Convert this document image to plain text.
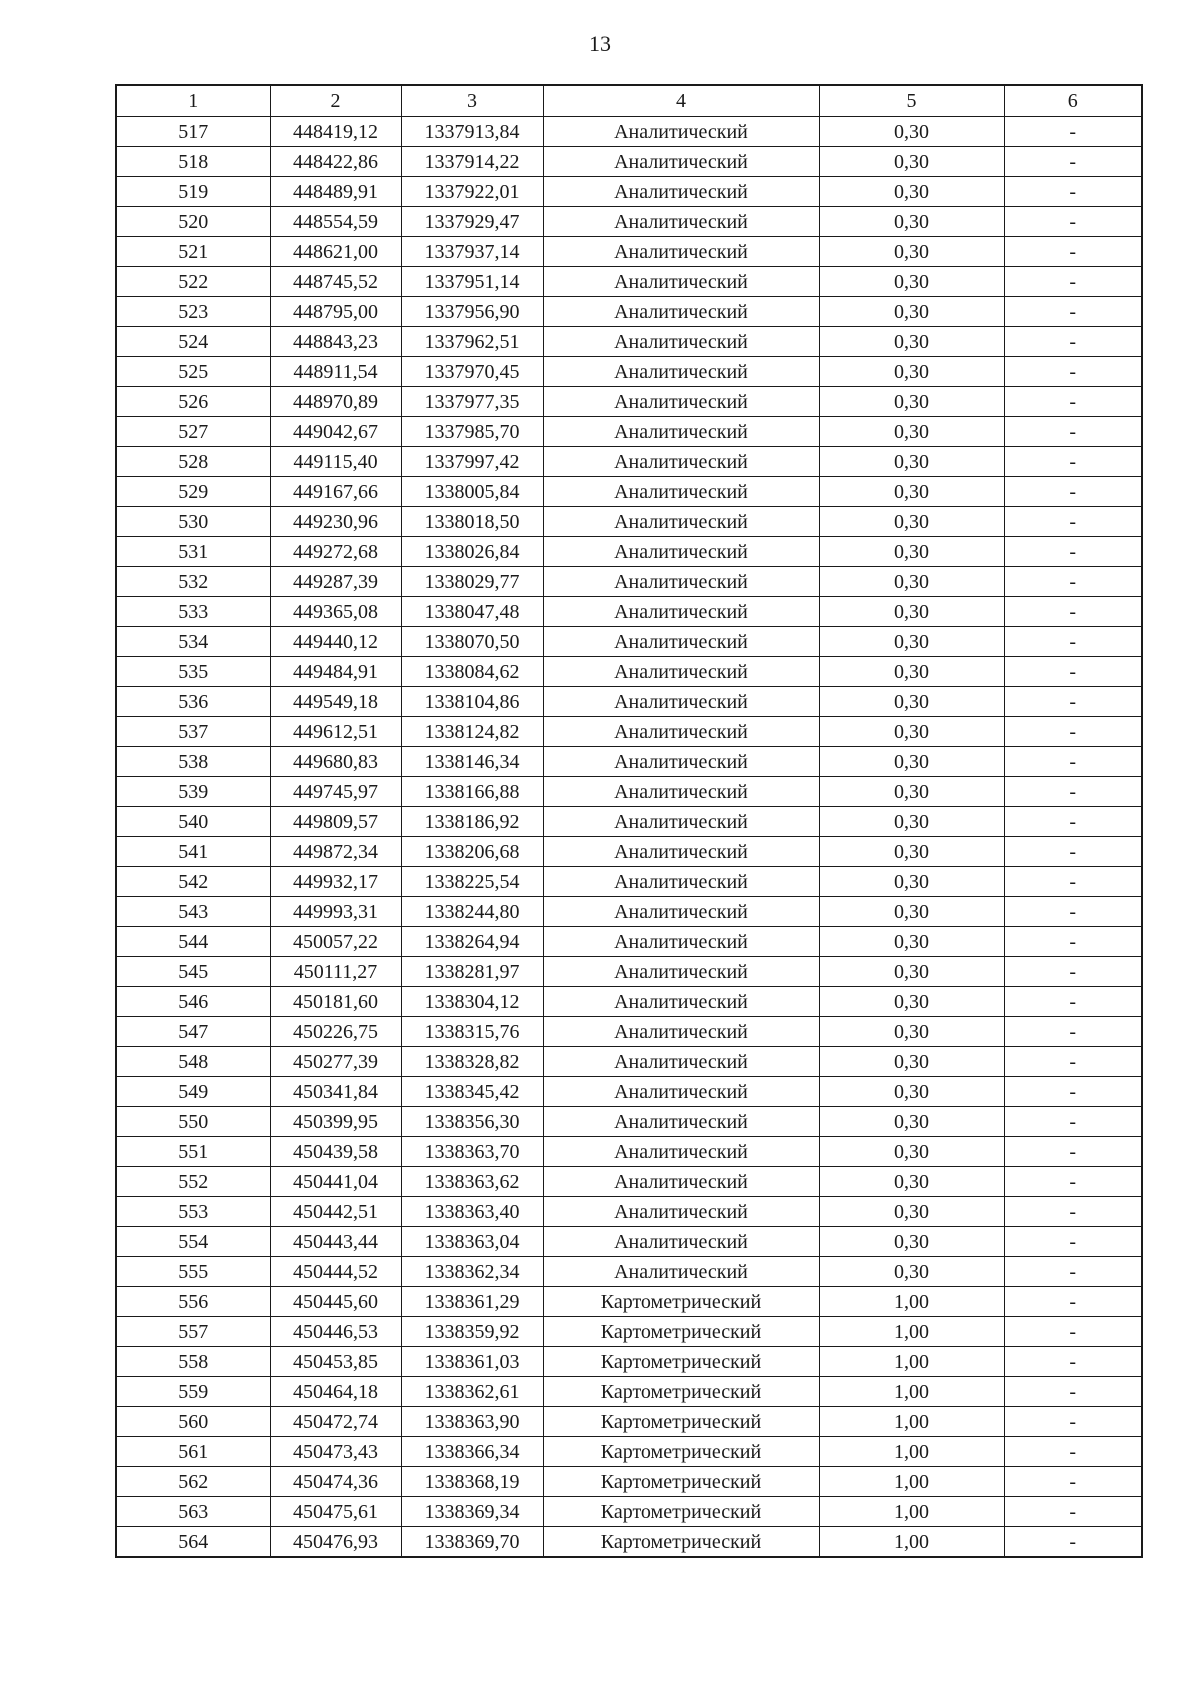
13
1	2	3	4	5	6
517	448419,12	1337913,84	Аналитический	0,30	-
518	448422,86	1337914,22	Аналитический	0,30	-
519	448489,91	1337922,01	Аналитический	0,30	-
520	448554,59	1337929,47	Аналитический	0,30	-
521	448621,00	1337937,14	Аналитический	0,30	-
522	448745,52	1337951,14	Аналитический	0,30	-
523	448795,00	1337956,90	Аналитический	0,30	-
524	448843,23	1337962,51	Аналитический	0,30	-
525	448911,54	1337970,45	Аналитический	0,30	-
526	448970,89	1337977,35	Аналитический	0,30	-
527	449042,67	1337985,70	Аналитический	0,30	-
528	449115,40	1337997,42	Аналитический	0,30	-
529	449167,66	1338005,84	Аналитический	0,30	-
530	449230,96	1338018,50	Аналитический	0,30	-
531	449272,68	1338026,84	Аналитический	0,30	-
532	449287,39	1338029,77	Аналитический	0,30	-
533	449365,08	1338047,48	Аналитический	0,30	-
534	449440,12	1338070,50	Аналитический	0,30	-
535	449484,91	1338084,62	Аналитический	0,30	-
536	449549,18	1338104,86	Аналитический	0,30	-
537	449612,51	1338124,82	Аналитический	0,30	-
538	449680,83	1338146,34	Аналитический	0,30	-
539	449745,97	1338166,88	Аналитический	0,30	-
540	449809,57	1338186,92	Аналитический	0,30	-
541	449872,34	1338206,68	Аналитический	0,30	-
542	449932,17	1338225,54	Аналитический	0,30	-
543	449993,31	1338244,80	Аналитический	0,30	-
544	450057,22	1338264,94	Аналитический	0,30	-
545	450111,27	1338281,97	Аналитический	0,30	-
546	450181,60	1338304,12	Аналитический	0,30	-
547	450226,75	1338315,76	Аналитический	0,30	-
548	450277,39	1338328,82	Аналитический	0,30	-
549	450341,84	1338345,42	Аналитический	0,30	-
550	450399,95	1338356,30	Аналитический	0,30	-
551	450439,58	1338363,70	Аналитический	0,30	-
552	450441,04	1338363,62	Аналитический	0,30	-
553	450442,51	1338363,40	Аналитический	0,30	-
554	450443,44	1338363,04	Аналитический	0,30	-
555	450444,52	1338362,34	Аналитический	0,30	-
556	450445,60	1338361,29	Картометрический	1,00	-
557	450446,53	1338359,92	Картометрический	1,00	-
558	450453,85	1338361,03	Картометрический	1,00	-
559	450464,18	1338362,61	Картометрический	1,00	-
560	450472,74	1338363,90	Картометрический	1,00	-
561	450473,43	1338366,34	Картометрический	1,00	-
562	450474,36	1338368,19	Картометрический	1,00	-
563	450475,61	1338369,34	Картометрический	1,00	-
564	450476,93	1338369,70	Картометрический	1,00	-
